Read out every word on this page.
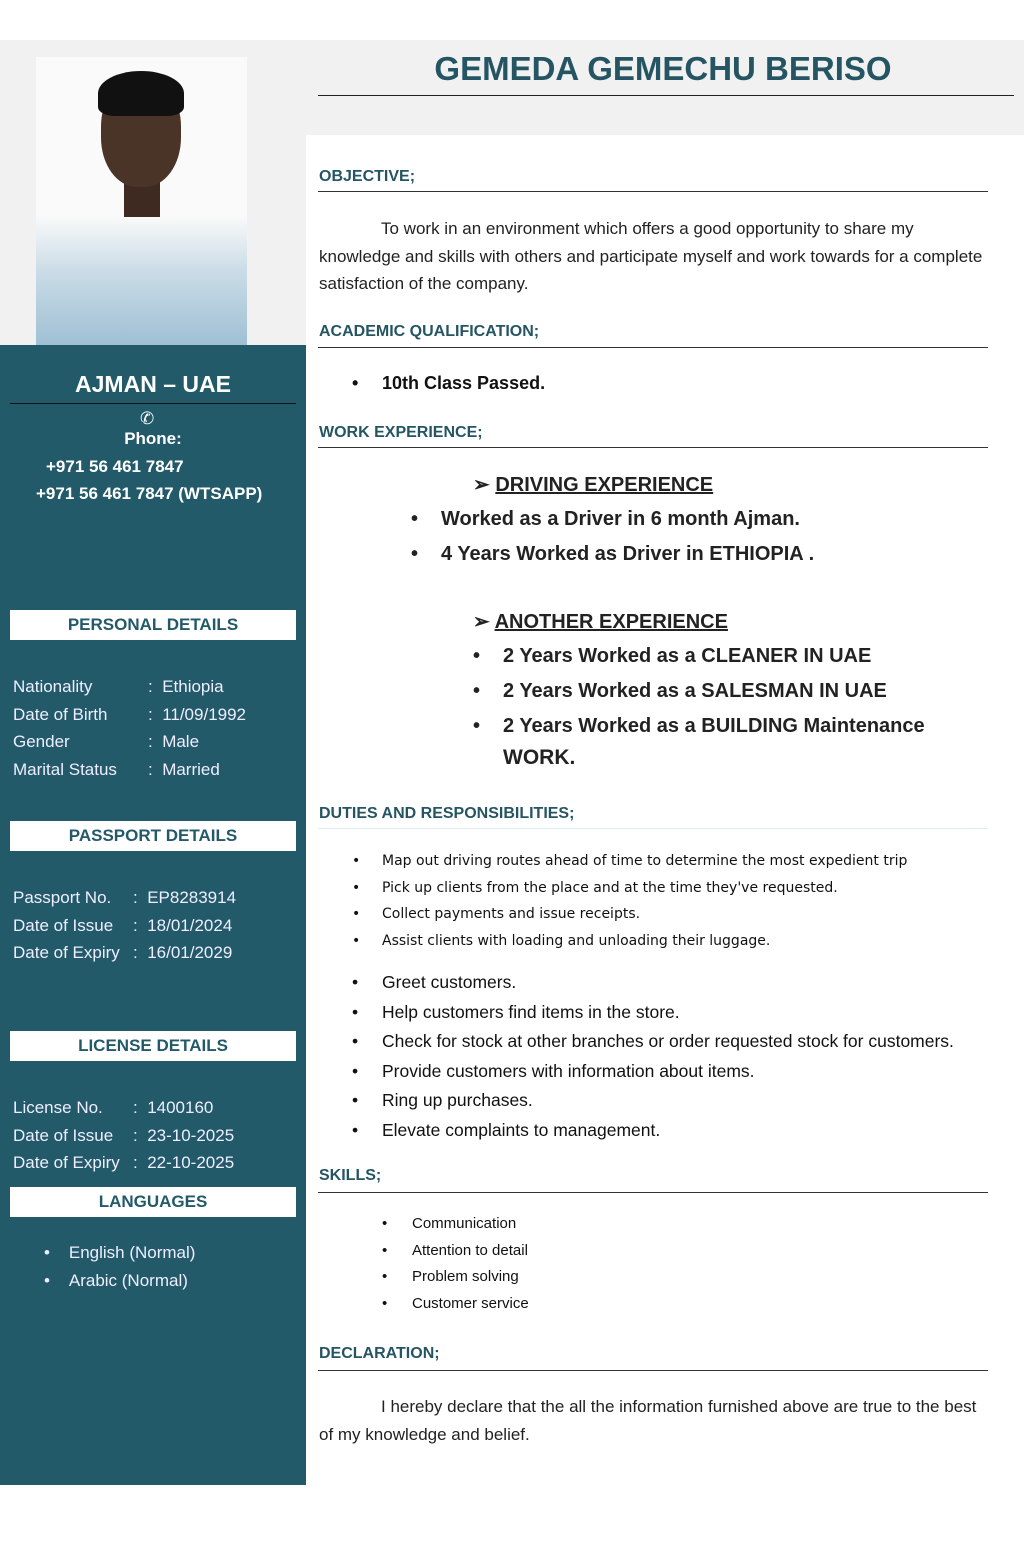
GEMEDA GEMECHU BERISO
AJMAN – UAE
✆
Phone:
+971 56 461 7847
+971 56 461 7847 (WTSAPP)
PERSONAL DETAILS
Nationality	: Ethiopia
Date of Birth : 11/09/1992
Gender	: Male
Marital Status : Married
PASSPORT DETAILS
Passport No. : EP8283914
Date of Issue : 18/01/2024
Date of Expiry : 16/01/2029
LICENSE DETAILS
License No. : 1400160
Date of Issue : 23-10-2025
Date of Expiry : 22-10-2025
LANGUAGES
•    English (Normal)
•    Arabic (Normal)
OBJECTIVE;
To work in an environment which offers a good opportunity to share my knowledge and skills with others and participate myself and work towards for a complete satisfaction of the company.
ACADEMIC QUALIFICATION;
• 10th Class Passed.
WORK EXPERIENCE;
➢ DRIVING EXPERIENCE
• Worked as a Driver in 6 month Ajman.
• 4 Years Worked as Driver in ETHIOPIA .
➢ ANOTHER EXPERIENCE
• 2 Years Worked as a CLEANER IN UAE
• 2 Years Worked as a SALESMAN IN UAE
• 2 Years Worked as a BUILDING Maintenance
WORK.
DUTIES AND RESPONSIBILITIES;
• Map out driving routes ahead of time to determine the most expedient trip
• Pick up clients from the place and at the time they've requested.
• Collect payments and issue receipts.
• Assist clients with loading and unloading their luggage.
• Greet customers.
• Help customers find items in the store.
• Check for stock at other branches or order requested stock for customers.
• Provide customers with information about items.
• Ring up purchases.
• Elevate complaints to management.
SKILLS;
• Communication
• Attention to detail
• Problem solving
• Customer service
DECLARATION;
I hereby declare that the all the information furnished above are true to the best of my knowledge and belief.
